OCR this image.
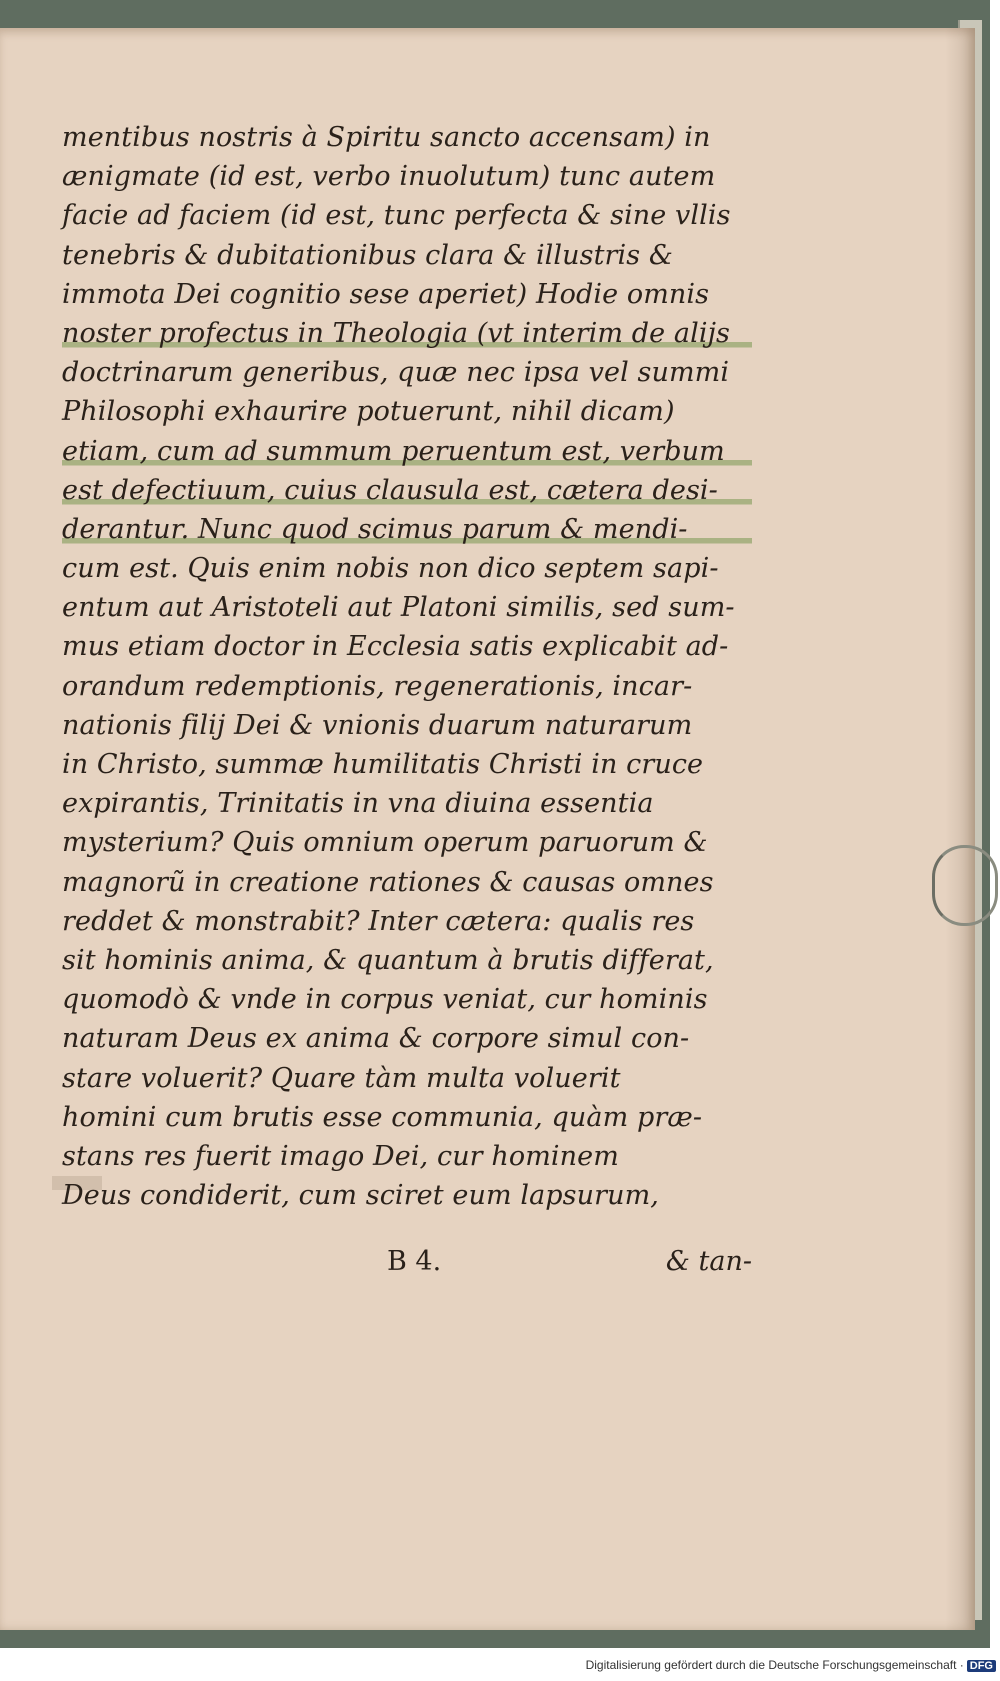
mentibus nostris à Spiritu sancto accensam) in
ænigmate (id est, verbo inuolutum) tunc autem
facie ad faciem (id est, tunc perfecta & sine vllis
tenebris & dubitationibus clara & illustris &
immota Dei cognitio sese aperiet) Hodie omnis
noster profectus in Theologia (vt interim de alijs
doctrinarum generibus, quæ nec ipsa vel summi
Philosophi exhaurire potuerunt, nihil dicam)
etiam, cum ad summum peruentum est, verbum
est defectiuum, cuius clausula est, cætera desi-
derantur. Nunc quod scimus parum & mendi-
cum est. Quis enim nobis non dico septem sapi-
entum aut Aristoteli aut Platoni similis, sed sum-
mus etiam doctor in Ecclesia satis explicabit ad-
orandum redemptionis, regenerationis, incar-
nationis filij Dei & vnionis duarum naturarum
in Christo, summæ humilitatis Christi in cruce
expirantis, Trinitatis in vna diuina essentia
mysterium? Quis omnium operum paruorum &
magnorũ in creatione rationes & causas omnes
reddet & monstrabit? Inter cætera: qualis res
sit hominis anima, & quantum à brutis differat,
quomodò & vnde in corpus veniat, cur hominis
naturam Deus ex anima & corpore simul con-
stare voluerit? Quare tàm multa voluerit
homini cum brutis esse communia, quàm præ-
stans res fuerit imago Dei, cur hominem
Deus condiderit, cum sciret eum lapsurum,
B 4.	& tan-
Digitalisierung gefördert durch die Deutsche Forschungsgemeinschaft · DFG
